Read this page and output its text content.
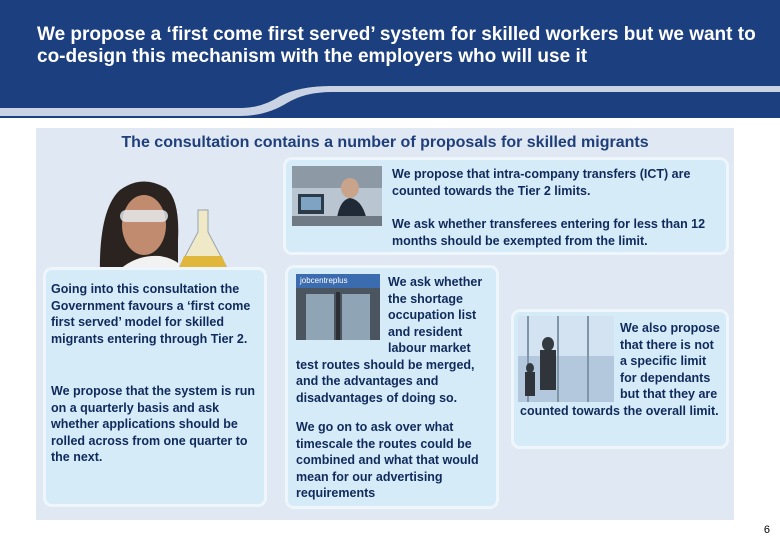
We propose a ‘first come first served’ system for skilled workers but we want to co-design this mechanism with the employers who will use it
The consultation contains a number of proposals for skilled migrants
We propose that intra-company transfers (ICT) are counted towards the Tier 2 limits.
We ask whether transferees entering for less than 12 months should be exempted from the limit.

Going into this consultation the Government favours a ‘first come first served’ model for skilled migrants entering through Tier 2.

We propose that the system is run on a quarterly basis and ask whether applications should be rolled across from one quarter to the next.

jobcentreplus	We ask whether the shortage occupation list and resident labour market test routes should be merged, and the advantages and disadvantages of doing so.

We go on to ask over what timescale the routes could be combined and what that would mean for our advertising requirements

We also propose that there is not a specific limit for dependants but that they are counted towards the overall limit.

6
